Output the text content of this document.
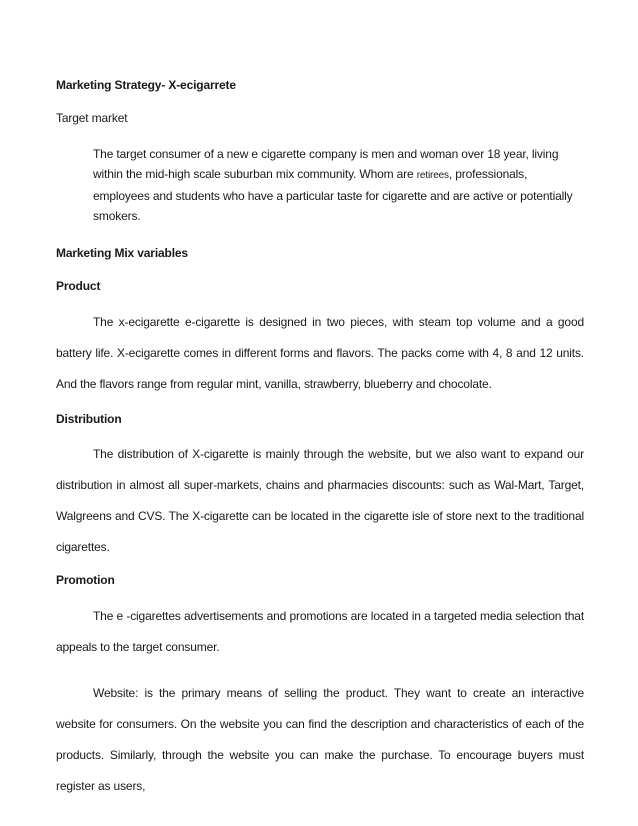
Marketing Strategy- X-ecigarrete

Target market

The target consumer of a new e cigarette company is men and woman over 18 year, living within the mid-high scale suburban mix community. Whom are retirees, professionals, employees and students who have a particular taste for cigarette and are active or potentially smokers.

Marketing Mix variables

Product

The x-ecigarette e-cigarette is designed in two pieces, with steam top volume and a good battery life. X-ecigarette comes in different forms and flavors. The packs come with 4, 8 and 12 units. And the flavors range from regular mint, vanilla, strawberry, blueberry and chocolate.

Distribution

The distribution of X-cigarette is mainly through the website, but we also want to expand our distribution in almost all super-markets, chains and pharmacies discounts: such as Wal-Mart, Target, Walgreens and CVS. The X-cigarette can be located in the cigarette isle of store next to the traditional cigarettes.

Promotion

The e -cigarettes advertisements and promotions are located in a targeted media selection that appeals to the target consumer.

Website: is the primary means of selling the product. They want to create an interactive website for consumers. On the website you can find the description and characteristics of each of the products. Similarly, through the website you can make the purchase. To encourage buyers must register as users,
